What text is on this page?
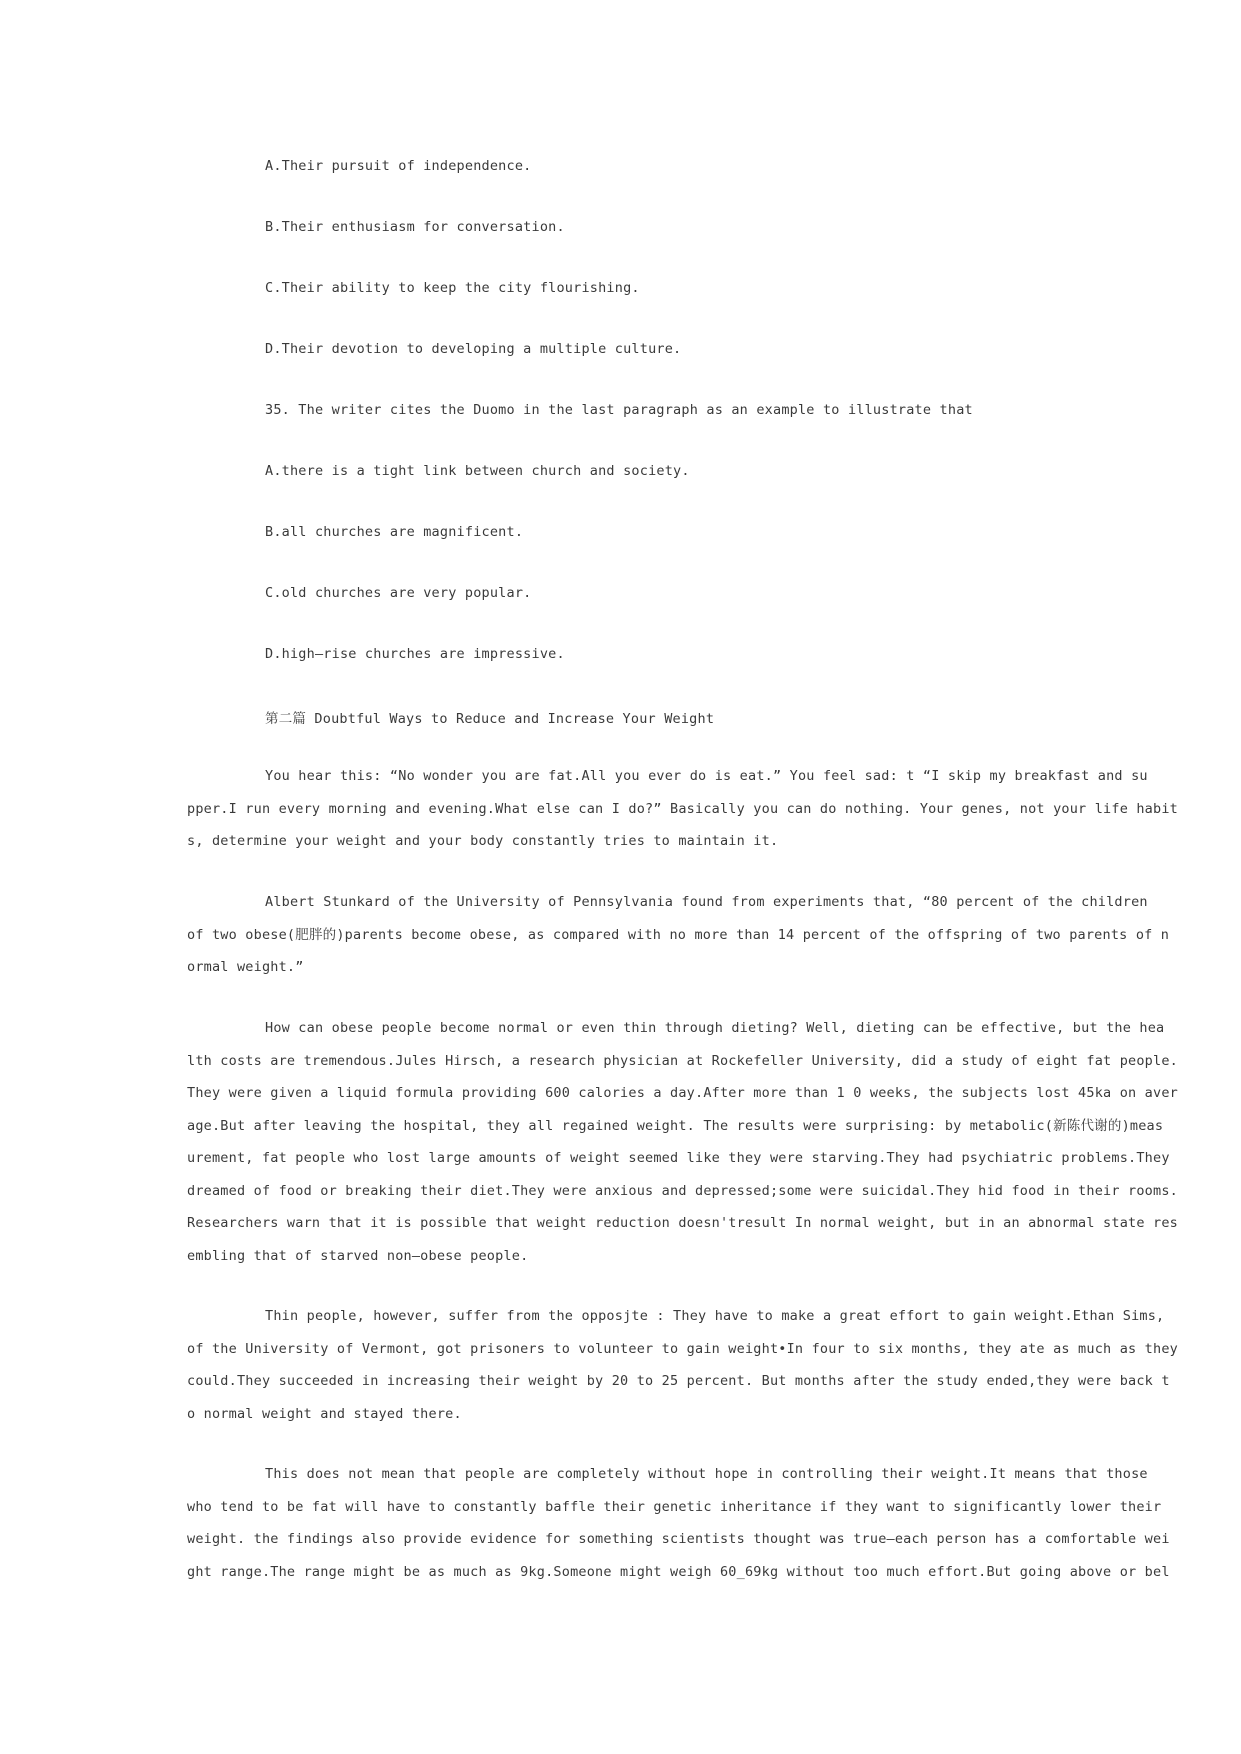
A.Their pursuit of independence.
B.Their enthusiasm for conversation.
C.Their ability to keep the city flourishing.
D.Their devotion to developing a multiple culture.
35. The writer cites the Duomo in the last paragraph as an example to illustrate that
A.there is a tight link between church and society.
B.all churches are magnificent.
C.old churches are very popular.
D.high—rise churches are impressive.
第二篇 Doubtful Ways to Reduce and Increase Your Weight
You hear this: “No wonder you are fat.All you ever do is eat.” You feel sad: t “I skip my breakfast and su
pper.I run every morning and evening.What else can I do?” Basically you can do nothing. Your genes, not your life habit
s, determine your weight and your body constantly tries to maintain it.
Albert Stunkard of the University of Pennsylvania found from experiments that, “80 percent of the children
of two obese(肥胖的)parents become obese, as compared with no more than 14 percent of the offspring of two parents of n
ormal weight.”
How can obese people become normal or even thin through dieting? Well, dieting can be effective, but the hea
lth costs are tremendous.Jules Hirsch, a research physician at Rockefeller University, did a study of eight fat people.
They were given a liquid formula providing 600 calories a day.After more than 1 0 weeks, the subjects lost 45ka on aver
age.But after leaving the hospital, they all regained weight. The results were surprising: by metabolic(新陈代谢的)meas
urement, fat people who lost large amounts of weight seemed like they were starving.They had psychiatric problems.They
dreamed of food or breaking their diet.They were anxious and depressed;some were suicidal.They hid food in their rooms.
Researchers warn that it is possible that weight reduction doesn'tresult In normal weight, but in an abnormal state res
embling that of starved non—obese people.
Thin people, however, suffer from the opposjte : They have to make a great effort to gain weight.Ethan Sims,
of the University of Vermont, got prisoners to volunteer to gain weight•In four to six months, they ate as much as they
could.They succeeded in increasing their weight by 20 to 25 percent. But months after the study ended,they were back t
o normal weight and stayed there.
This does not mean that people are completely without hope in controlling their weight.It means that those
who tend to be fat will have to constantly baffle their genetic inheritance if they want to significantly lower their
weight. the findings also provide evidence for something scientists thought was true—each person has a comfortable wei
ght range.The range might be as much as 9kg.Someone might weigh 60_69kg without too much effort.But going above or bel
